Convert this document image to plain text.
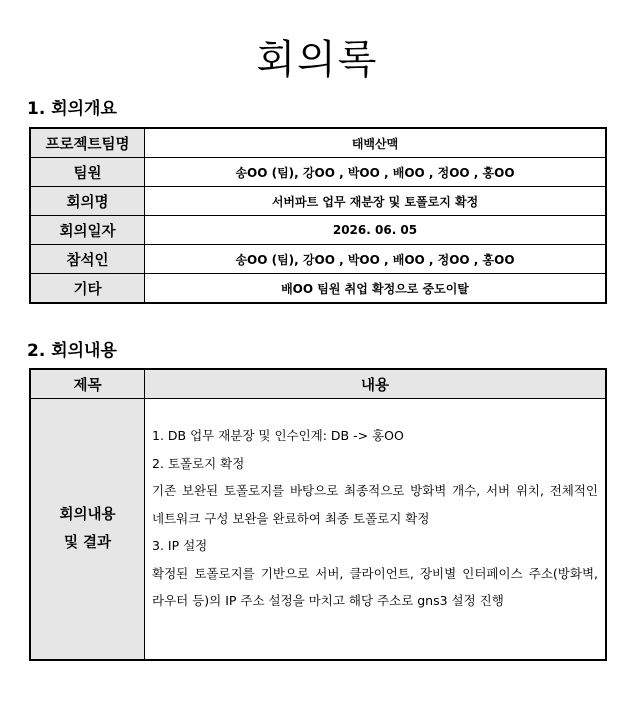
회의록
1. 회의개요
프로젝트팀명	태백산맥
팀원	송OO (팀), 강OO , 박OO , 배OO , 정OO , 홍OO
회의명	서버파트 업무 재분장 및 토폴로지 확정
회의일자	2026. 06. 05
참석인	송OO (팀), 강OO , 박OO , 배OO , 정OO , 홍OO
기타	배OO 팀원 취업 확정으로 중도이탈
2. 회의내용
제목	내용

회의내용
및 결과	1. DB 업무 재분장 및 인수인계: DB -> 홍OO
2. 토폴로지 확정
기존 보완된 토폴로지를 바탕으로 최종적으로 방화벽 개수, 서버 위치, 전체적인 네트워크 구성 보완을 완료하여 최종 토폴로지 확정
3. IP 설정
확정된 토폴로지를 기반으로 서버, 클라이언트, 장비별 인터페이스 주소(방화벽, 라우터 등)의 IP 주소 설정을 마치고 해당 주소로 gns3 설정 진행
